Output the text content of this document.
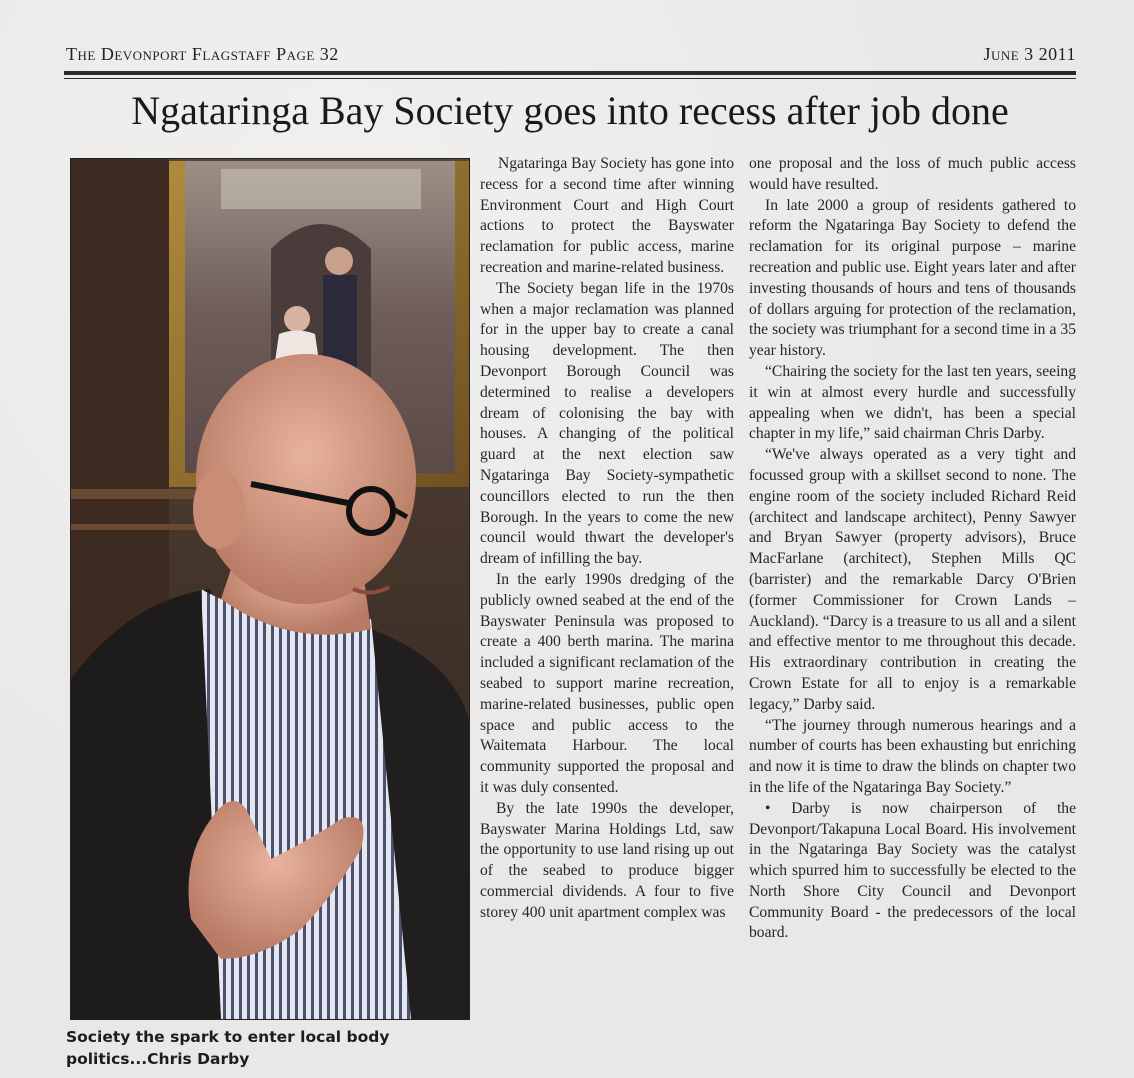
The Devonport Flagstaff Page 32	June 3 2011
Ngataringa Bay Society goes into recess after job done
Society the spark to enter local body politics...Chris Darby

Ngataringa Bay Society has gone into recess for a second time after winning Environment Court and High Court actions to protect the Bayswater reclamation for public access, marine recreation and marine-related business.

The Society began life in the 1970s when a major reclamation was planned for in the upper bay to create a canal housing development. The then Devonport Borough Council was determined to realise a developers dream of colonising the bay with houses. A changing of the political guard at the next election saw Ngataringa Bay Society-sympathetic councillors elected to run the then Borough. In the years to come the new council would thwart the developer's dream of infilling the bay.

In the early 1990s dredging of the publicly owned seabed at the end of the Bayswater Peninsula was proposed to create a 400 berth marina. The marina included a significant reclamation of the seabed to support marine recreation, marine-related businesses, public open space and public access to the Waitemata Harbour. The local community supported the proposal and it was duly consented.

By the late 1990s the developer, Bayswater Marina Holdings Ltd, saw the opportunity to use land rising up out of the seabed to produce bigger commercial dividends. A four to five storey 400 unit apartment complex was

one proposal and the loss of much public access would have resulted.

In late 2000 a group of residents gathered to reform the Ngataringa Bay Society to defend the reclamation for its original purpose – marine recreation and public use. Eight years later and after investing thousands of hours and tens of thousands of dollars arguing for protection of the reclamation, the society was triumphant for a second time in a 35 year history.

“Chairing the society for the last ten years, seeing it win at almost every hurdle and successfully appealing when we didn't, has been a special chapter in my life,” said chairman Chris Darby.

“We've always operated as a very tight and focussed group with a skillset second to none. The engine room of the society included Richard Reid (architect and landscape architect), Penny Sawyer and Bryan Sawyer (property advisors), Bruce MacFarlane (architect), Stephen Mills QC (barrister) and the remarkable Darcy O'Brien (former Commissioner for Crown Lands – Auckland). “Darcy is a treasure to us all and a silent and effective mentor to me throughout this decade. His extraordinary contribution in creating the Crown Estate for all to enjoy is a remarkable legacy,” Darby said.

“The journey through numerous hearings and a number of courts has been exhausting but enriching and now it is time to draw the blinds on chapter two in the life of the Ngataringa Bay Society.”

• Darby is now chairperson of the Devonport/Takapuna Local Board. His involvement in the Ngataringa Bay Society was the catalyst which spurred him to successfully be elected to the North Shore City Council and Devonport Community Board - the predecessors of the local board.
